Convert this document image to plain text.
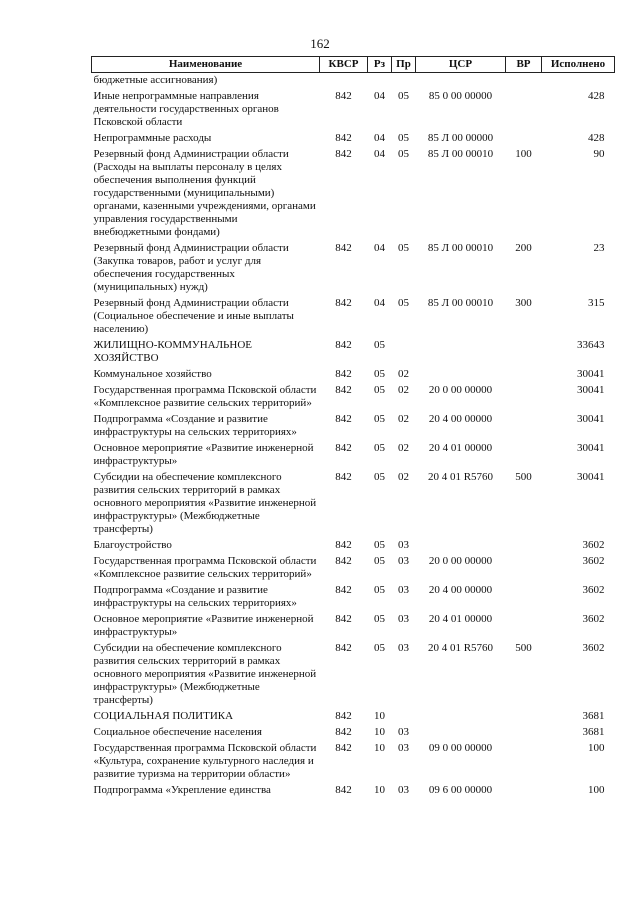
162
Наименование	КВСР	Рз	Пр	ЦСР	ВР	Исполнено
бюджетные ассигнования)						
Иные непрограммные направления деятельности государственных органов Псковской области	842	04	05	85 0 00 00000		428
Непрограммные расходы	842	04	05	85 Л 00 00000		428
Резервный фонд Администрации области (Расходы на выплаты персоналу в целях обеспечения выполнения функций государственными (муниципальными) органами, казенными учреждениями, органами управления государственными внебюджетными фондами)	842	04	05	85 Л 00 00010	100	90
Резервный фонд Администрации области (Закупка товаров, работ и услуг для обеспечения государственных (муниципальных) нужд)	842	04	05	85 Л 00 00010	200	23
Резервный фонд Администрации области (Социальное обеспечение и иные выплаты населению)	842	04	05	85 Л 00 00010	300	315
ЖИЛИЩНО-КОММУНАЛЬНОЕ ХОЗЯЙСТВО	842	05				33643
Коммунальное хозяйство	842	05	02			30041
Государственная программа Псковской области «Комплексное развитие сельских территорий»	842	05	02	20 0 00 00000		30041
Подпрограмма «Создание и развитие инфраструктуры на сельских территориях»	842	05	02	20 4 00 00000		30041
Основное мероприятие «Развитие инженерной инфраструктуры»	842	05	02	20 4 01 00000		30041
Субсидии на обеспечение комплексного развития сельских территорий в рамках основного мероприятия «Развитие инженерной инфраструктуры» (Межбюджетные трансферты)	842	05	02	20 4 01 R5760	500	30041
Благоустройство	842	05	03			3602
Государственная программа Псковской области «Комплексное развитие сельских территорий»	842	05	03	20 0 00 00000		3602
Подпрограмма «Создание и развитие инфраструктуры на сельских территориях»	842	05	03	20 4 00 00000		3602
Основное мероприятие «Развитие инженерной инфраструктуры»	842	05	03	20 4 01 00000		3602
Субсидии на обеспечение комплексного развития сельских территорий в рамках основного мероприятия «Развитие инженерной инфраструктуры» (Межбюджетные трансферты)	842	05	03	20 4 01 R5760	500	3602
СОЦИАЛЬНАЯ ПОЛИТИКА	842	10				3681
Социальное обеспечение населения	842	10	03			3681
Государственная программа Псковской области «Культура, сохранение культурного наследия и развитие туризма на территории области»	842	10	03	09 0 00 00000		100
Подпрограмма «Укрепление единства	842	10	03	09 6 00 00000		100
